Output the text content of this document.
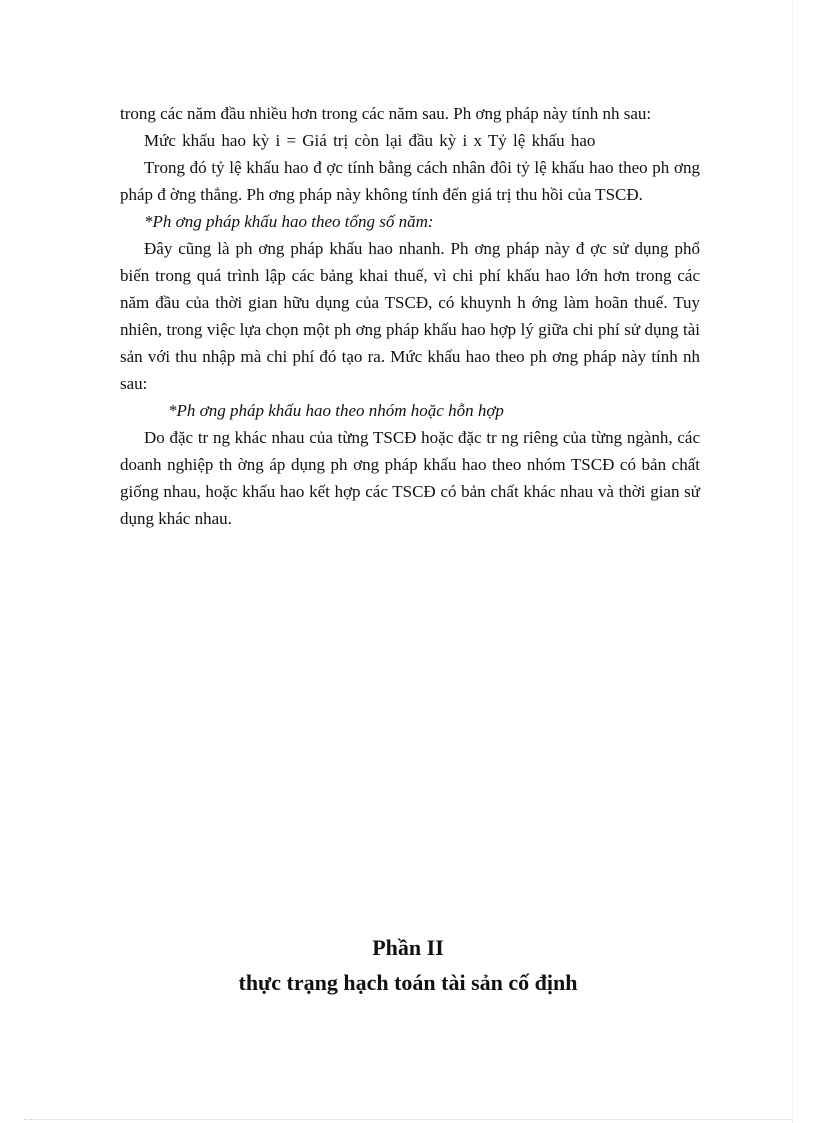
trong các năm đầu nhiều hơn trong các năm sau. Ph ơng pháp này tính nh sau:

Mức khấu hao kỳ i = Giá trị còn lại đầu kỳ i x Tỷ lệ khấu hao

Trong đó tỷ lệ khấu hao đ ợc tính bằng cách nhân đôi tỷ lệ khấu hao theo ph ơng pháp đ ờng thẳng. Ph ơng pháp này không tính đến giá trị thu hồi của TSCĐ.

*Ph ơng pháp khấu hao theo tổng số năm:

Đây cũng là ph ơng pháp khấu hao nhanh. Ph ơng pháp này đ ợc sử dụng phổ biến trong quá trình lập các bảng khai thuế, vì chi phí khấu hao lớn hơn trong các năm đầu của thời gian hữu dụng của TSCĐ, có khuynh h ớng làm hoãn thuế. Tuy nhiên, trong việc lựa chọn một ph ơng pháp khấu hao hợp lý giữa chi phí sử dụng tài sản với thu nhập mà chi phí đó tạo ra. Mức khấu hao theo ph ơng pháp này tính nh sau:

*Ph ơng pháp khấu hao theo nhóm hoặc hỗn hợp

Do đặc tr ng khác nhau của từng TSCĐ hoặc đặc tr ng riêng của từng ngành, các doanh nghiệp th ờng áp dụng ph ơng pháp khấu hao theo nhóm TSCĐ có bản chất giống nhau, hoặc khấu hao kết hợp các TSCĐ có bản chất khác nhau và thời gian sử dụng khác nhau.

Phần II
thực trạng hạch toán tài sản cố định
